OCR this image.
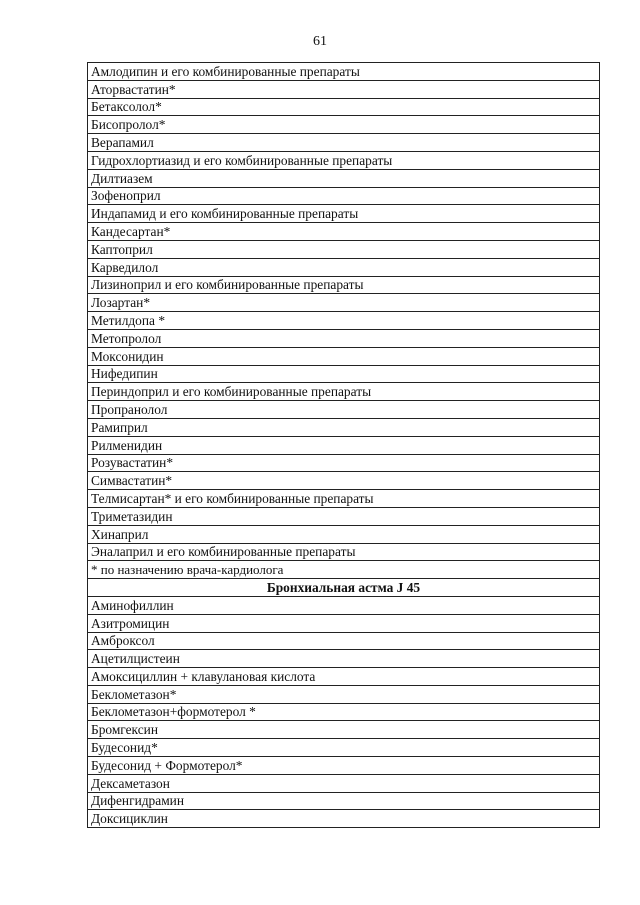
61
Амлодипин и его комбинированные препараты
Аторвастатин*
Бетаксолол*
Бисопролол*
Верапамил
Гидрохлортиазид и его комбинированные препараты
Дилтиазем
Зофеноприл
Индапамид и его комбинированные препараты
Кандесартан*
Каптоприл
Карведилол
Лизиноприл и его комбинированные препараты
Лозартан*
Метилдопа *
Метопролол
Моксонидин
Нифедипин
Периндоприл и его комбинированные препараты
Пропранолол
Рамиприл
Рилменидин
Розувастатин*
Симвастатин*
Телмисартан* и его комбинированные препараты
Триметазидин
Хинаприл
Эналаприл и его комбинированные препараты
* по назначению врача-кардиолога
Бронхиальная астма J 45
Аминофиллин
Азитромицин
Амброксол
Ацетилцистеин
Амоксициллин + клавулановая кислота
Беклометазон*
Беклометазон+формотерол *
Бромгексин
Будесонид*
Будесонид + Формотерол*
Дексаметазон
Дифенгидрамин
Доксициклин
